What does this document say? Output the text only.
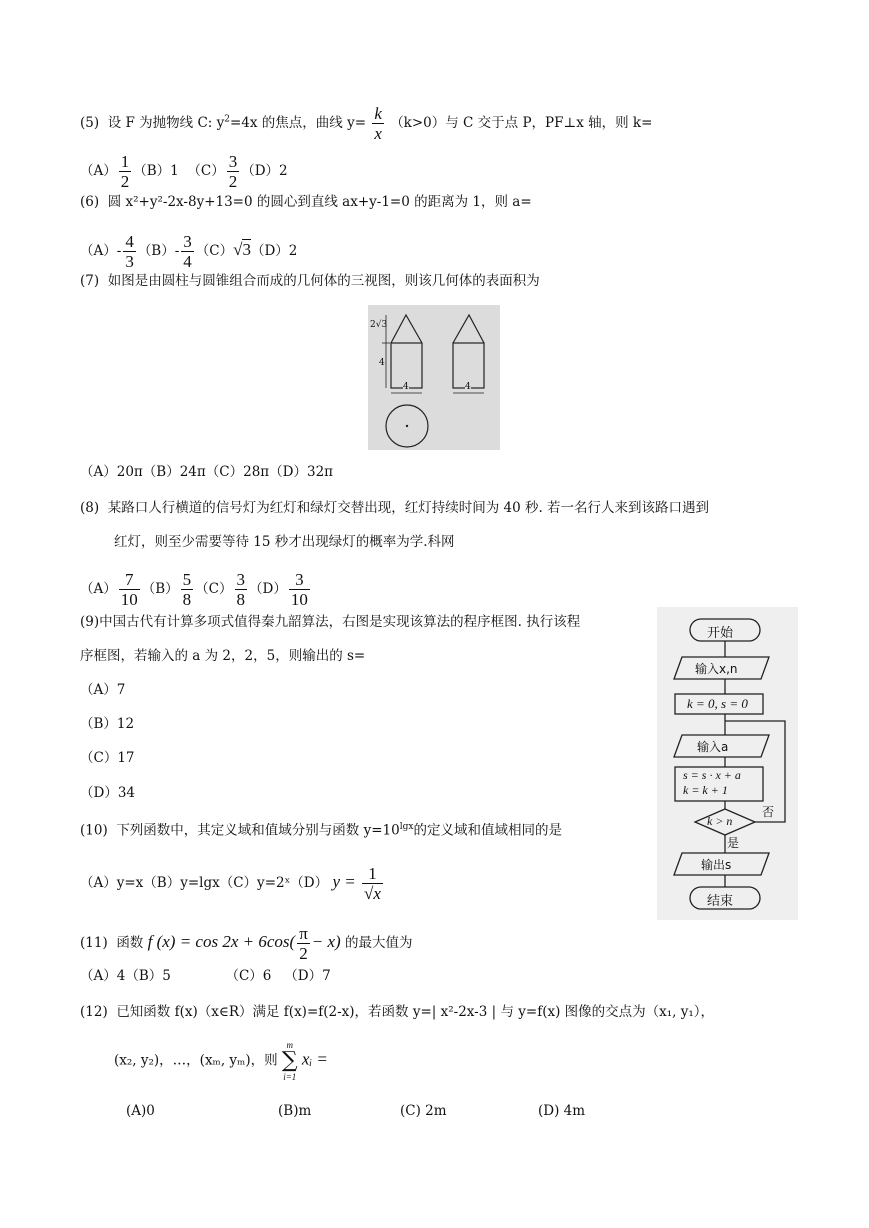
(5) 设 F 为抛物线 C: $y^2=4x$ 的焦点，曲线 $y= \frac{k}{x} (k>0)$与 C 交于点 P，PF⊥x 轴，则 k=
$(A) \frac{1}{2} (B)1$ $(C) \frac{3}{2} (D)2$
(6) 圆 x²+y²-2x-8y+13=0 的圆心到直线 ax+y-1=0 的距离为 1，则 a=
$(A)- \frac{4}{3} (B)- \frac{3}{4} (C)√3(D)2$
(7) 如图是由圆柱与圆锥组合而成的几何体的三视图，则该几何体的表面积为
2√3
4
4	4
（A）20π（B）24π（C）28π（D）32π
(8) 某路口人行横道的信号灯为红灯和绿灯交替出现，红灯持续时间为 40 秒. 若一名行人来到该路口遇到
红灯，则至少需要等待 15 秒才出现绿灯的概率为学.科网
$(A) \frac{7}{10} (B) \frac{5}{8} (C) \frac{3}{8} (D) \frac{3}{10}$
(9)中国古代有计算多项式值得秦九韶算法，右图是实现该算法的程序框图. 执行该程
序框图，若输入的 a 为 2，2，5，则输出的 s=
（A）7
（B）12
（C）17
（D）34
开始
输入x,n
k = 0, s = 0
输入a
s = s · x + a
k = k + 1
k > n
否
是
输出s
结束
(10) 下列函数中，其定义域和值域分别与函数 $y=10^{lgx}$的定义域和值域相同的是
（A）y=x（B）y=lgx（C）y=2ˣ（D） $y = \frac{1}{√x}$
(11) 函数 f $(x) = \cos 2x + 6\cos( \frac{\pi}{2} - x)$ 的最大值为
（A）4（B）5	（C）6 （D）7
(12) 已知函数 f(x)（x∈R）满足 f(x)=f(2-x)，若函数 y=| x²-2x-3 | 与 y=f(x) 图像的交点为（x₁, y₁），
(x₂, y₂)，…，(xₘ, yₘ)，则
m
∑
i=1
xᵢ =
(A)0	(B)m	(C) 2m	(D) 4m
